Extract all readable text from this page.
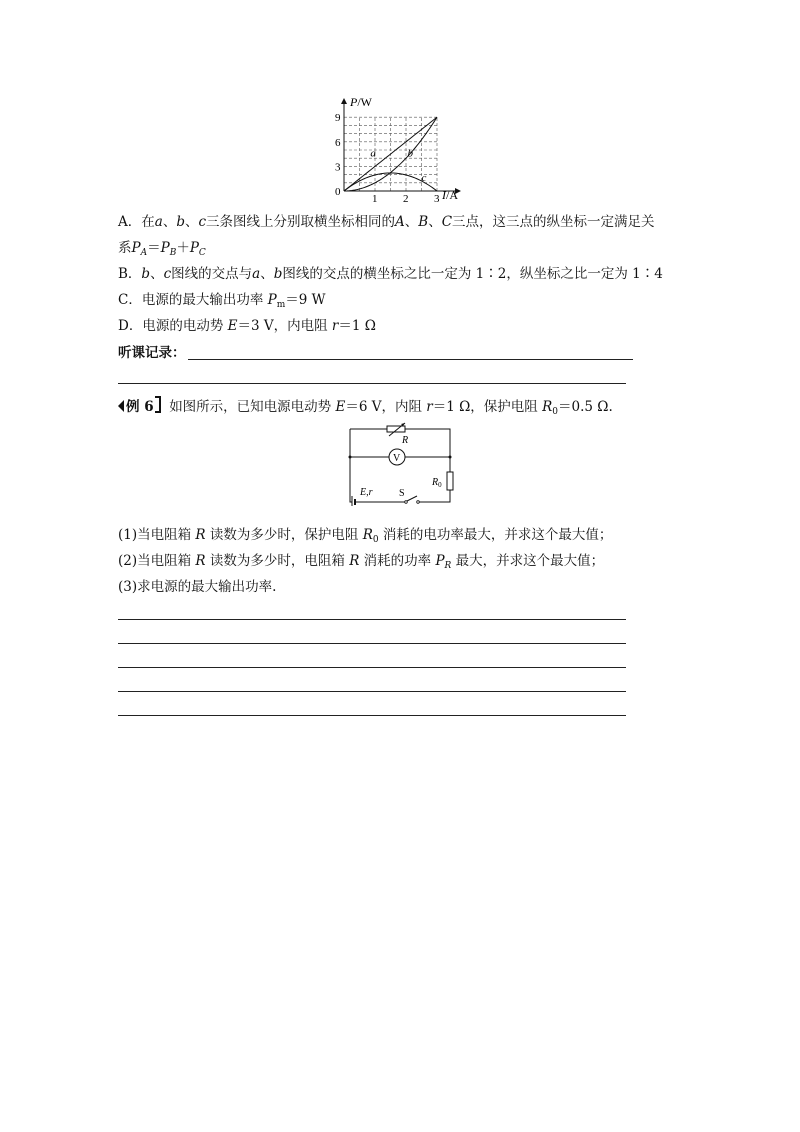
a	b
c
1 2 3
3
6
9
P/W
I/A
0
A．在a、b、c三条图线上分别取横坐标相同的A、B、C三点，这三点的纵坐标一定满足关
系$P_A=P_B+P_C$
B．b、c图线的交点与a、b图线的交点的横坐标之比一定为 1∶2，纵坐标之比一定为 1∶4
C．电源的最大输出功率 $P_m=9$ W
D．电源的电动势 E＝3 V，内电阻 r＝1 Ω
听课记录：
例 6 如图所示，已知电源电动势 E＝6 V，内阻 r＝1 Ω，保护电阻 $R_0=0.5$ Ω.
R
V
$R_0$
E,r	S
(1)当电阻箱 R 读数为多少时，保护电阻 $R_0$ 消耗的电功率最大，并求这个最大值；
(2)当电阻箱 R 读数为多少时，电阻箱 R 消耗的功率 $P_R$ 最大，并求这个最大值；
(3)求电源的最大输出功率.
